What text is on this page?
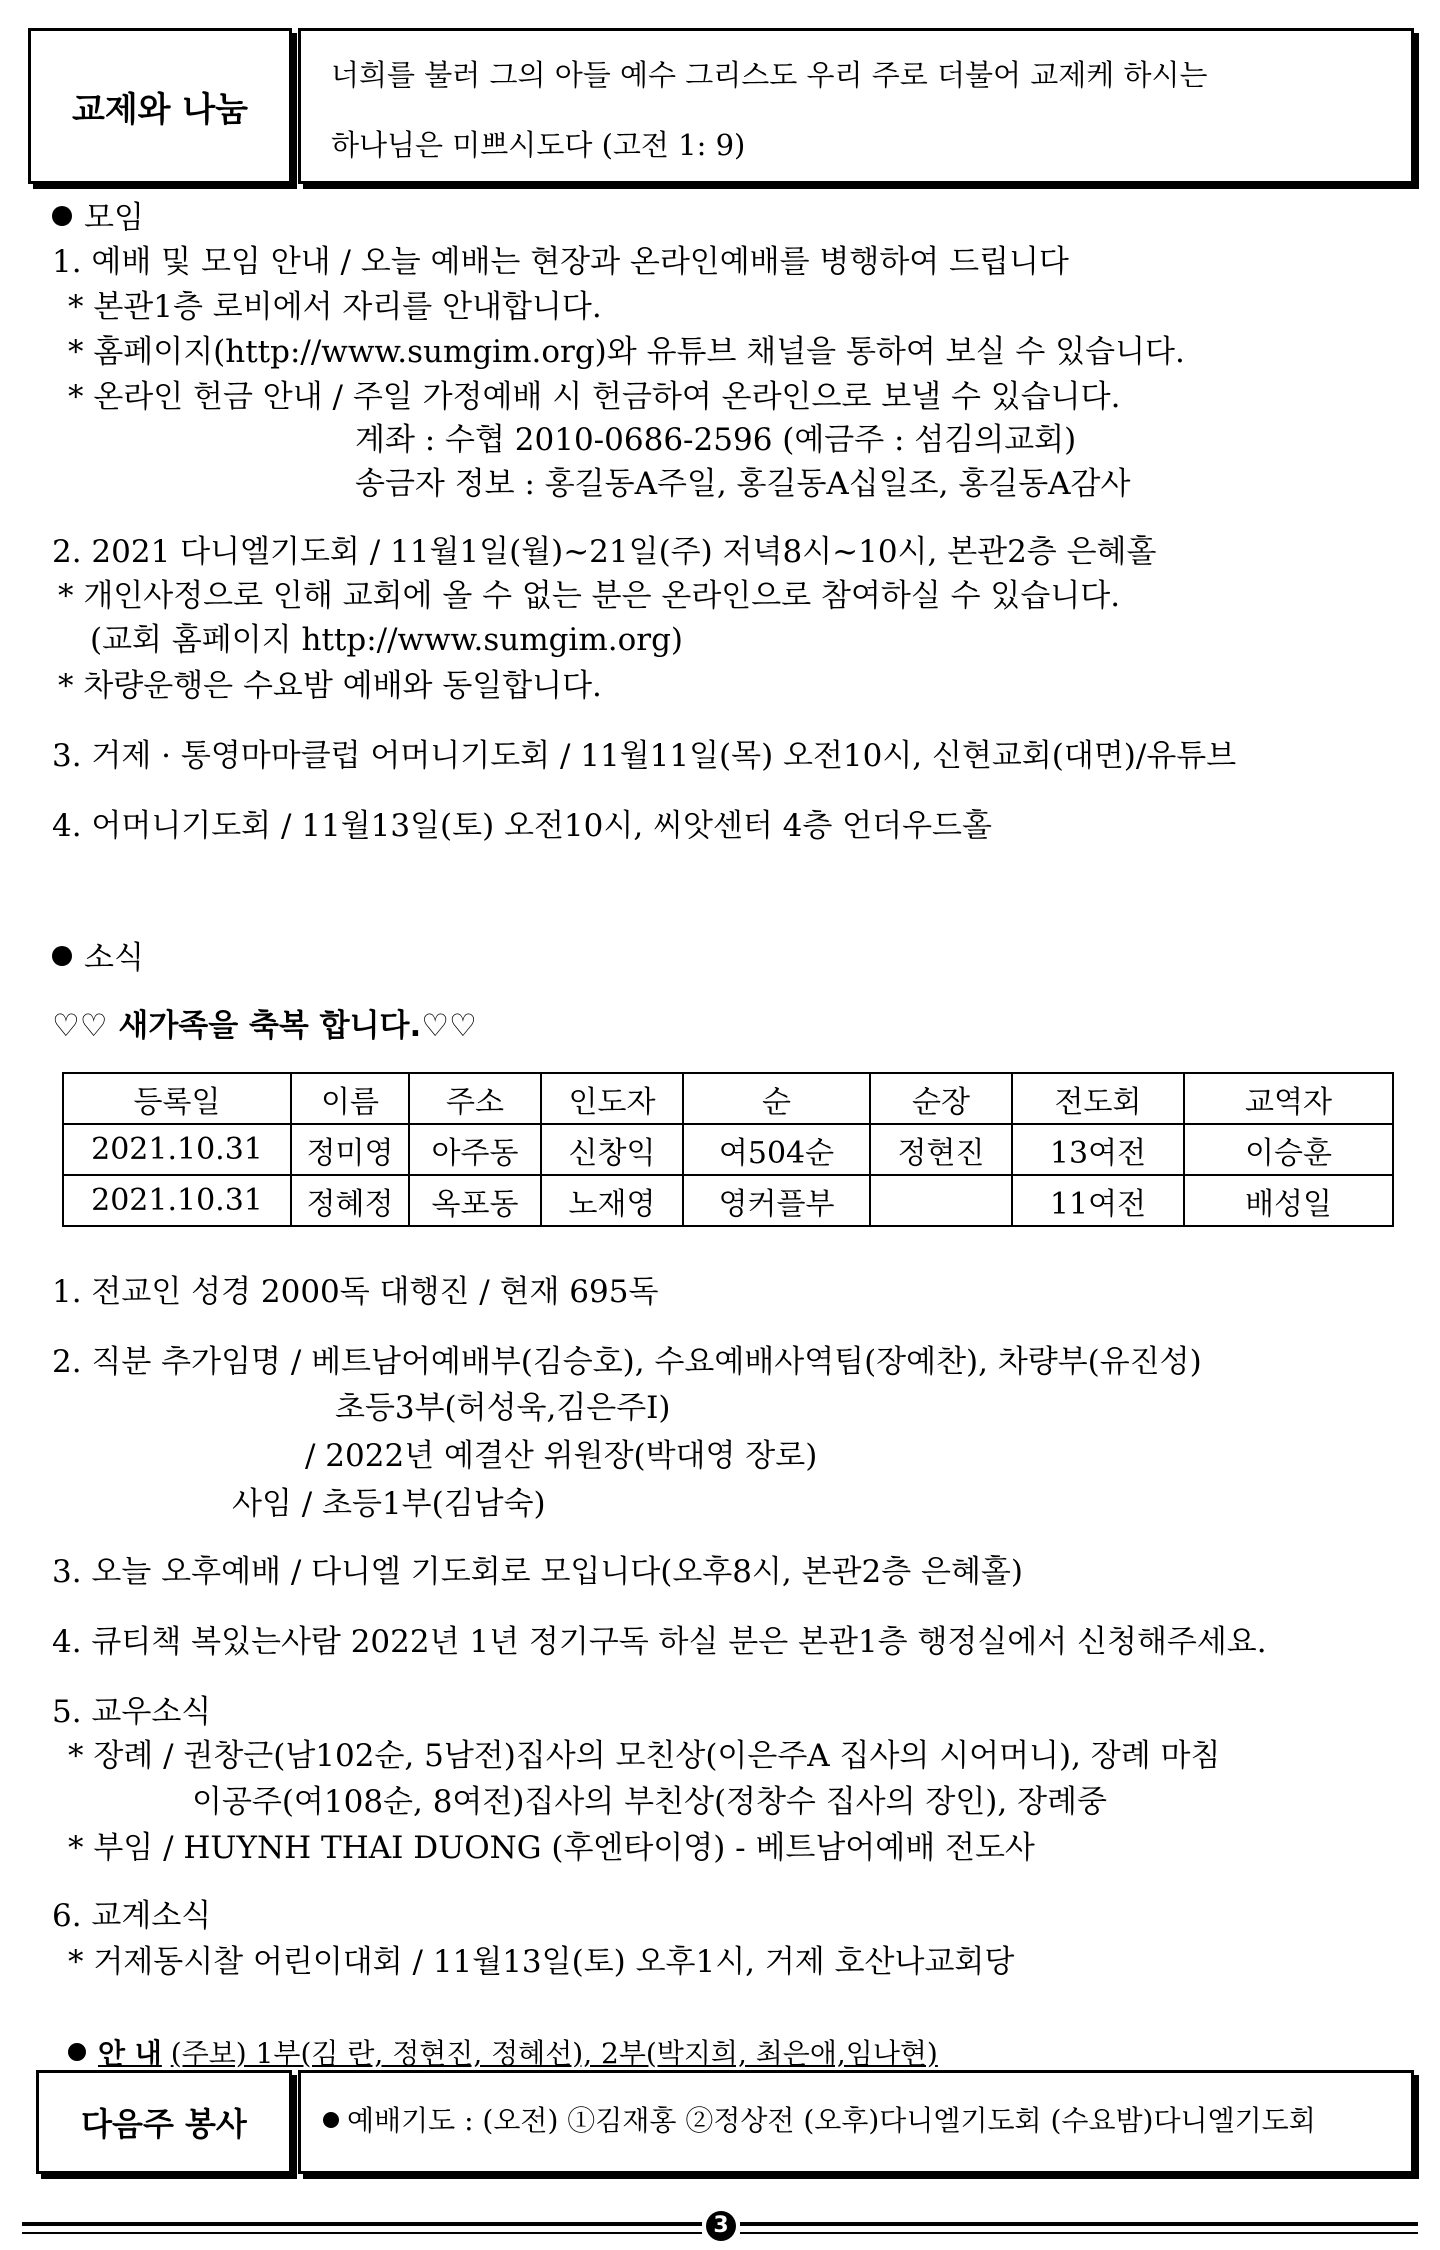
교제와 나눔
너희를 불러 그의 아들 예수 그리스도 우리 주로 더불어 교제케 하시는
하나님은 미쁘시도다 (고전 1: 9)
모임
1. 예배 및 모임 안내 / 오늘 예배는 현장과 온라인예배를 병행하여 드립니다
* 본관1층 로비에서 자리를 안내합니다.
* 홈페이지(http://www.sumgim.org)와 유튜브 채널을 통하여 보실 수 있습니다.
* 온라인 헌금 안내 / 주일 가정예배 시 헌금하여 온라인으로 보낼 수 있습니다.
계좌 : 수협 2010-0686-2596 (예금주 : 섬김의교회)
송금자 정보 : 홍길동A주일, 홍길동A십일조, 홍길동A감사
2. 2021 다니엘기도회 / 11월1일(월)~21일(주) 저녁8시~10시, 본관2층 은혜홀
* 개인사정으로 인해 교회에 올 수 없는 분은 온라인으로 참여하실 수 있습니다.
(교회 홈페이지 http://www.sumgim.org)
* 차량운행은 수요밤 예배와 동일합니다.
3. 거제 · 통영마마클럽 어머니기도회 / 11월11일(목) 오전10시, 신현교회(대면)/유튜브
4. 어머니기도회 / 11월13일(토) 오전10시, 씨앗센터 4층 언더우드홀
소식
♡♡ 새가족을 축복 합니다.♡♡
등록일	이름	주소	인도자	순	순장	전도회	교역자
2021.10.31	정미영	아주동	신창익	여504순	정현진	13여전	이승훈
2021.10.31	정혜정	옥포동	노재영	영커플부		11여전	배성일
1. 전교인 성경 2000독 대행진 / 현재 695독
2. 직분 추가임명 / 베트남어예배부(김승호), 수요예배사역팀(장예찬), 차량부(유진성)
초등3부(허성욱,김은주I)
/ 2022년 예결산 위원장(박대영 장로)
사임 / 초등1부(김남숙)
3. 오늘 오후예배 / 다니엘 기도회로 모입니다(오후8시, 본관2층 은혜홀)
4. 큐티책 복있는사람 2022년 1년 정기구독 하실 분은 본관1층 행정실에서 신청해주세요.
5. 교우소식
* 장례 / 권창근(남102순, 5남전)집사의 모친상(이은주A 집사의 시어머니), 장례 마침
이공주(여108순, 8여전)집사의 부친상(정창수 집사의 장인), 장례중
* 부임 / HUYNH THAI DUONG (후엔타이영) - 베트남어예배 전도사
6. 교계소식
* 거제동시찰 어린이대회 / 11월13일(토) 오후1시, 거제 호산나교회당
안 내 (주보) 1부(김 란, 정현진, 정혜선), 2부(박지희, 최은애,임나현)
다음주 봉사	예배기도 : (오전) ①김재홍 ②정상전 (오후)다니엘기도회 (수요밤)다니엘기도회
3
